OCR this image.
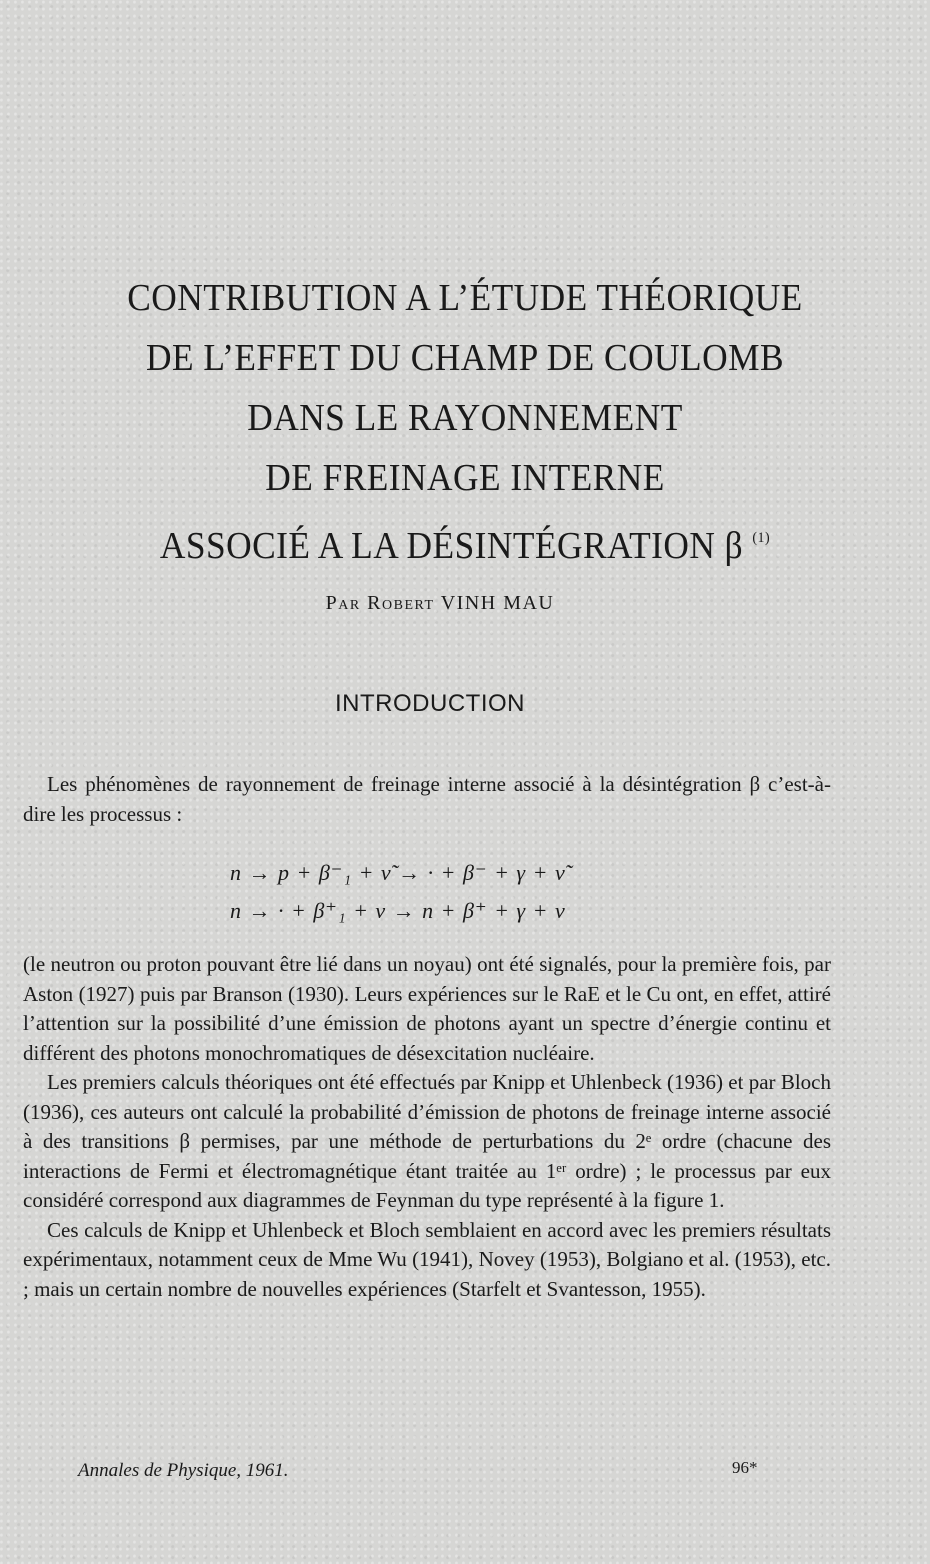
CONTRIBUTION A L’ÉTUDE THÉORIQUE
DE L’EFFET DU CHAMP DE COULOMB
DANS LE RAYONNEMENT
DE FREINAGE INTERNE
ASSOCIÉ A LA DÉSINTÉGRATION β $^{(1)}$
Par Robert VINH MAU
INTRODUCTION

Les phénomènes de rayonnement de freinage interne associé à la désintégration β c’est-à-dire les processus :

n → p + β⁻₁ + ν̃ → · + β⁻ + γ + ν̃
n → · + β⁺₁ + ν → n + β⁺ + γ + ν

(le neutron ou proton pouvant être lié dans un noyau) ont été signalés, pour la première fois, par Aston (1927) puis par Branson (1930). Leurs expériences sur le RaE et le Cu ont, en effet, attiré l’attention sur la possibilité d’une émission de photons ayant un spectre d’énergie continu et différent des photons monochromatiques de désexcitation nucléaire.

Les premiers calculs théoriques ont été effectués par Knipp et Uhlenbeck (1936) et par Bloch (1936), ces auteurs ont calculé la probabilité d’émission de photons de freinage interne associé à des transitions β permises, par une méthode de perturbations du 2ᵉ ordre (chacune des interactions de Fermi et électromagnétique étant traitée au 1ᵉʳ ordre) ; le processus par eux considéré correspond aux diagrammes de Feynman du type représenté à la figure 1.

Ces calculs de Knipp et Uhlenbeck et Bloch semblaient en accord avec les premiers résultats expérimentaux, notamment ceux de Mme Wu (1941), Novey (1953), Bolgiano et al. (1953), etc. ; mais un certain nombre de nouvelles expériences (Starfelt et Svantesson, 1955).

Annales de Physique, 1961.	96*
